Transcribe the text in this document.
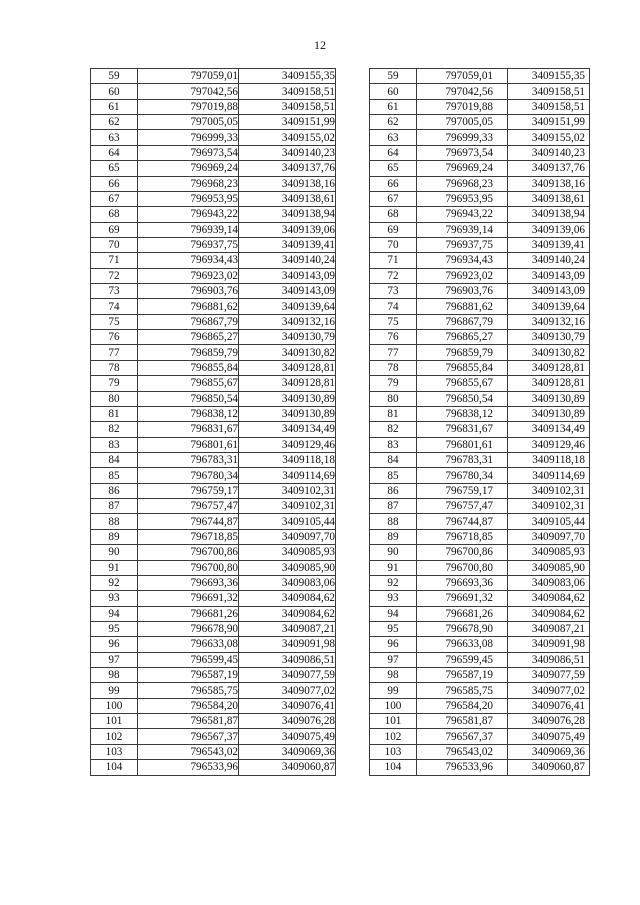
12
59	797059,01	3409155,35
60	797042,56	3409158,51
61	797019,88	3409158,51
62	797005,05	3409151,99
63	796999,33	3409155,02
64	796973,54	3409140,23
65	796969,24	3409137,76
66	796968,23	3409138,16
67	796953,95	3409138,61
68	796943,22	3409138,94
69	796939,14	3409139,06
70	796937,75	3409139,41
71	796934,43	3409140,24
72	796923,02	3409143,09
73	796903,76	3409143,09
74	796881,62	3409139,64
75	796867,79	3409132,16
76	796865,27	3409130,79
77	796859,79	3409130,82
78	796855,84	3409128,81
79	796855,67	3409128,81
80	796850,54	3409130,89
81	796838,12	3409130,89
82	796831,67	3409134,49
83	796801,61	3409129,46
84	796783,31	3409118,18
85	796780,34	3409114,69
86	796759,17	3409102,31
87	796757,47	3409102,31
88	796744,87	3409105,44
89	796718,85	3409097,70
90	796700,86	3409085,93
91	796700,80	3409085,90
92	796693,36	3409083,06
93	796691,32	3409084,62
94	796681,26	3409084,62
95	796678,90	3409087,21
96	796633,08	3409091,98
97	796599,45	3409086,51
98	796587,19	3409077,59
99	796585,75	3409077,02
100	796584,20	3409076,41
101	796581,87	3409076,28
102	796567,37	3409075,49
103	796543,02	3409069,36
104	796533,96	3409060,87
59	797059,01	3409155,35
60	797042,56	3409158,51
61	797019,88	3409158,51
62	797005,05	3409151,99
63	796999,33	3409155,02
64	796973,54	3409140,23
65	796969,24	3409137,76
66	796968,23	3409138,16
67	796953,95	3409138,61
68	796943,22	3409138,94
69	796939,14	3409139,06
70	796937,75	3409139,41
71	796934,43	3409140,24
72	796923,02	3409143,09
73	796903,76	3409143,09
74	796881,62	3409139,64
75	796867,79	3409132,16
76	796865,27	3409130,79
77	796859,79	3409130,82
78	796855,84	3409128,81
79	796855,67	3409128,81
80	796850,54	3409130,89
81	796838,12	3409130,89
82	796831,67	3409134,49
83	796801,61	3409129,46
84	796783,31	3409118,18
85	796780,34	3409114,69
86	796759,17	3409102,31
87	796757,47	3409102,31
88	796744,87	3409105,44
89	796718,85	3409097,70
90	796700,86	3409085,93
91	796700,80	3409085,90
92	796693,36	3409083,06
93	796691,32	3409084,62
94	796681,26	3409084,62
95	796678,90	3409087,21
96	796633,08	3409091,98
97	796599,45	3409086,51
98	796587,19	3409077,59
99	796585,75	3409077,02
100	796584,20	3409076,41
101	796581,87	3409076,28
102	796567,37	3409075,49
103	796543,02	3409069,36
104	796533,96	3409060,87
